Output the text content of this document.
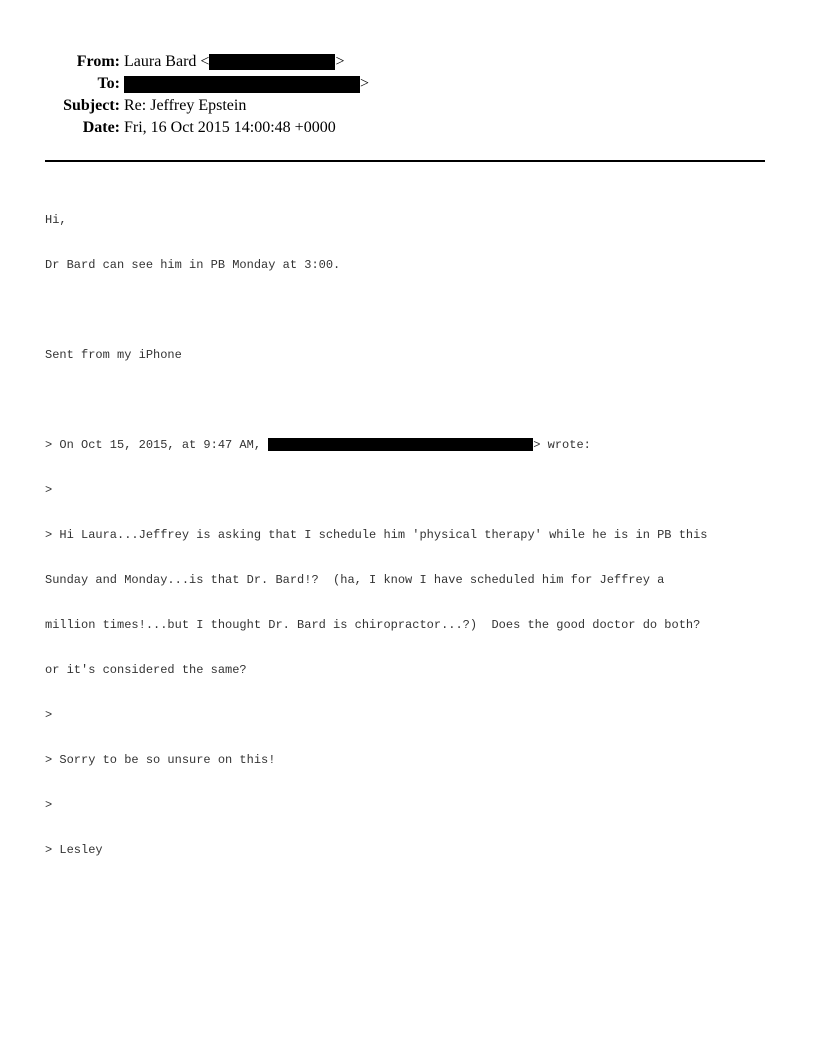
From: Laura Bard <	>
To:	>
Subject: Re: Jeffrey Epstein
Date: Fri, 16 Oct 2015 14:00:48 +0000

Hi,

Dr Bard can see him in PB Monday at 3:00.

Sent from my iPhone

> On Oct 15, 2015, at 9:47 AM,	> wrote:

>

> Hi Laura...Jeffrey is asking that I schedule him 'physical therapy' while he is in PB this

Sunday and Monday...is that Dr. Bard!?  (ha, I know I have scheduled him for Jeffrey a

million times!...but I thought Dr. Bard is chiropractor...?)  Does the good doctor do both?

or it's considered the same?

>

> Sorry to be so unsure on this!

>

> Lesley
